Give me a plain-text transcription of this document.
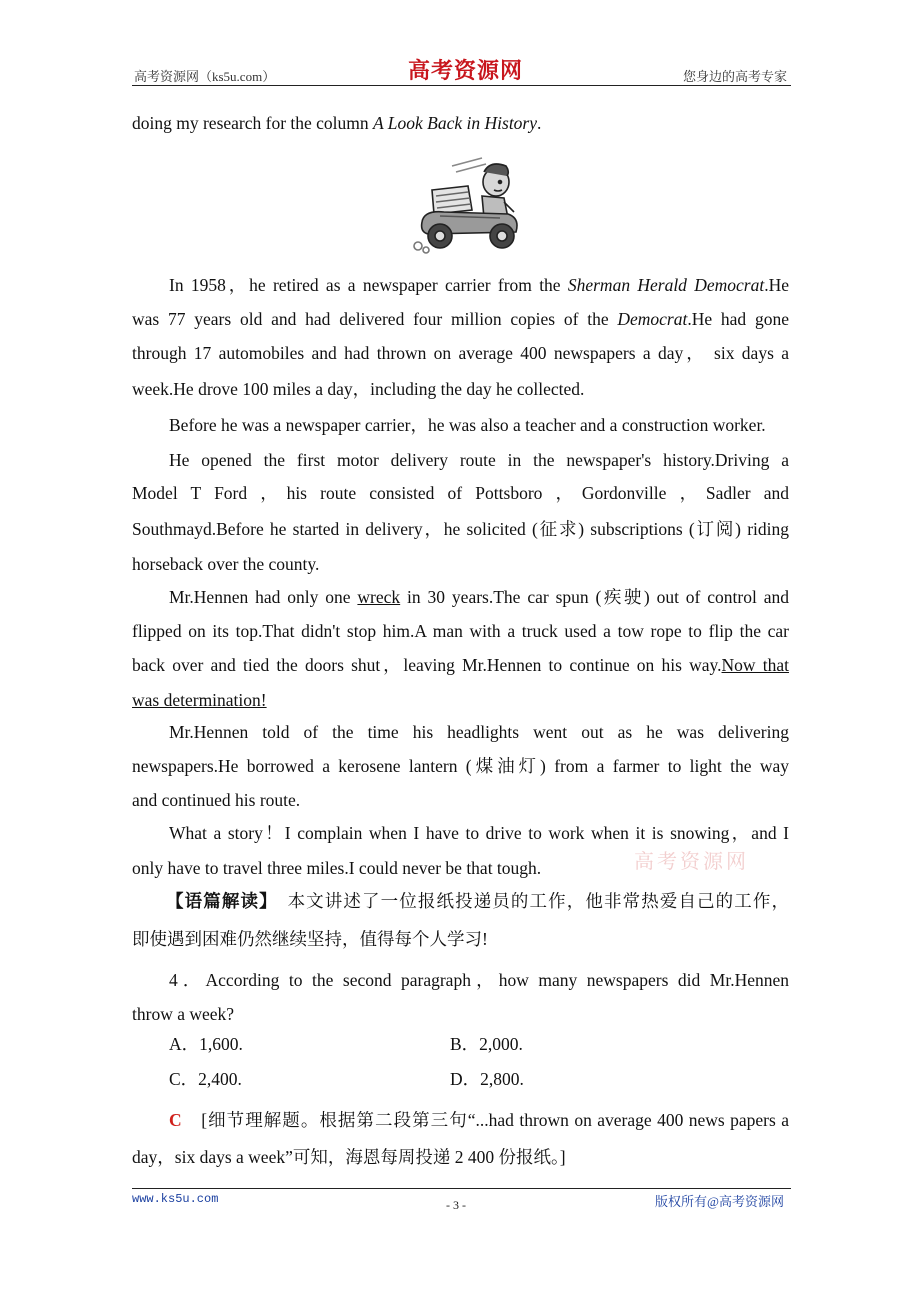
高考资源网（ks5u.com）	高考资源网	您身边的高考专家
doing my research for the column A Look Back in History.
In 1958，he retired as a newspaper carrier from the Sherman Herald Democrat.He
was 77 years old and had delivered four million copies of the Democrat.He had gone
through 17 automobiles and had thrown on average 400 newspapers a day， six days a
week.He drove 100 miles a day，including the day he collected.
Before he was a newspaper carrier，he was also a teacher and a construction worker.
He opened the first motor delivery route in the newspaper's history.Driving a
Model T Ford ，his route consisted of Pottsboro ，Gordonville ，Sadler and
Southmayd.Before he started in delivery，he solicited (征求) subscriptions (订阅) riding
horseback over the county.
Mr.Hennen had only one wreck in 30 years.The car spun (疾驶) out of control and
flipped on its top.That didn't stop him.A man with a truck used a tow rope to flip the car
back over and tied the doors shut，leaving Mr.Hennen to continue on his way.Now that
was determination!
Mr.Hennen told of the time his headlights went out as he was delivering
newspapers.He borrowed a kerosene lantern (煤油灯) from a farmer to light the way
and continued his route.
What a story！I complain when I have to drive to work when it is snowing，and I
only have to travel three miles.I could never be that tough.	高考资源网
【语篇解读】　 本文讲述了一位报纸投递员的工作，他非常热爱自己的工作，
即使遇到困难仍然继续坚持，值得每个人学习!
4．According to the second paragraph，how many newspapers did Mr.Hennen
throw a week?
A．1,600.	B．2,000.
C．2,400.	D．2,800.
C　 [细节理解题。根据第二段第三句“...had thrown on average 400 news papers a
day，six days a week”可知，海恩每周投递 2 400 份报纸。]
www.ks5u.com	- 3 -	版权所有@高考资源网
